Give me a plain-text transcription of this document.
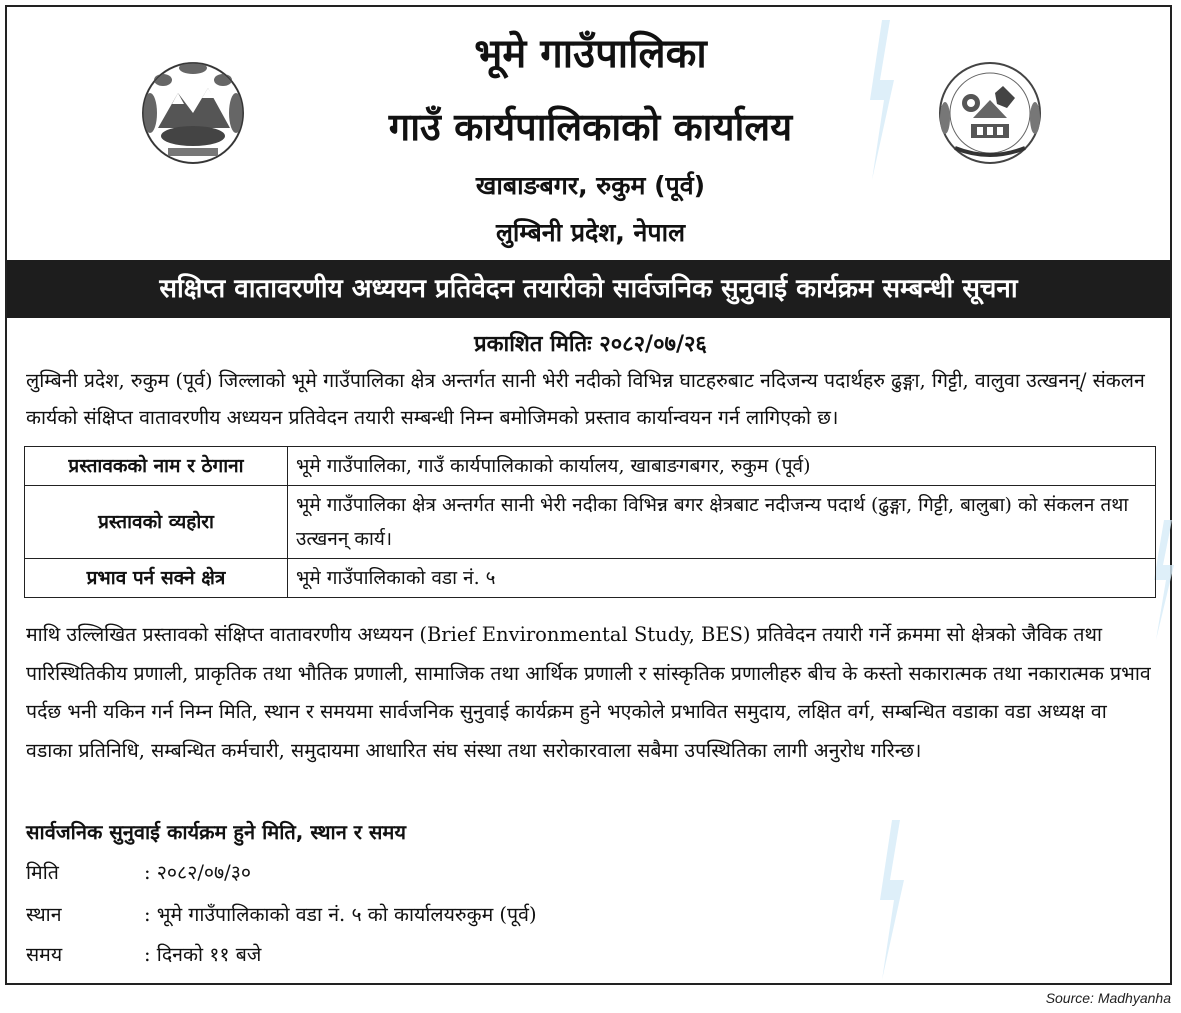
भूमे गाउँपालिका
गाउँ कार्यपालिकाको कार्यालय
खाबाङबगर, रुकुम (पूर्व)
लुम्बिनी प्रदेश, नेपाल
सक्षिप्त वातावरणीय अध्ययन प्रतिवेदन तयारीको सार्वजनिक सुनुवाई कार्यक्रम सम्बन्धी सूचना
प्रकाशित मितिः २०८२/०७/२६
लुम्बिनी प्रदेश, रुकुम (पूर्व) जिल्लाको भूमे गाउँपालिका क्षेत्र अन्तर्गत सानी भेरी नदीको विभिन्न घाटहरुबाट नदिजन्य पदार्थहरु ढुङ्गा, गिट्टी, वालुवा उत्खनन्/ संकलन कार्यको संक्षिप्त वातावरणीय अध्ययन प्रतिवेदन तयारी सम्बन्धी निम्न बमोजिमको प्रस्ताव कार्यान्वयन गर्न लागिएको छ।
प्रस्तावकको नाम र ठेगाना	भूमे गाउँपालिका, गाउँ कार्यपालिकाको कार्यालय, खाबाङगबगर, रुकुम (पूर्व)
प्रस्तावको व्यहोरा	भूमे गाउँपालिका क्षेत्र अन्तर्गत सानी भेरी नदीका विभिन्न बगर क्षेत्रबाट नदीजन्य पदार्थ (ढुङ्गा, गिट्टी, बालुबा) को संकलन तथा उत्खनन् कार्य।
प्रभाव पर्न सक्ने क्षेत्र	भूमे गाउँपालिकाको वडा नं. ५
माथि उल्लिखित प्रस्तावको संक्षिप्त वातावरणीय अध्ययन (Brief Environmental Study, BES) प्रतिवेदन तयारी गर्ने क्रममा सो क्षेत्रको जैविक तथा पारिस्थितिकीय प्रणाली, प्राकृतिक तथा भौतिक प्रणाली, सामाजिक तथा आर्थिक प्रणाली र सांस्कृतिक प्रणालीहरु बीच के कस्तो सकारात्मक तथा नकारात्मक प्रभाव पर्दछ भनी यकिन गर्न निम्न मिति, स्थान र समयमा सार्वजनिक सुनुवाई कार्यक्रम हुने भएकोले प्रभावित समुदाय, लक्षित वर्ग, सम्बन्धित वडाका वडा अध्यक्ष वा वडाका प्रतिनिधि, सम्बन्धित कर्मचारी, समुदायमा आधारित संघ संस्था तथा सरोकारवाला सबैमा उपस्थितिका लागी अनुरोध गरिन्छ।
सार्वजनिक सुनुवाई कार्यक्रम हुने मिति, स्थान र समय
मिति	: २०८२/०७/३०
स्थान	: भूमे गाउँपालिकाको वडा नं. ५ को कार्यालयरुकुम (पूर्व)
समय	: दिनको ११ बजे
Source: Madhyanha
